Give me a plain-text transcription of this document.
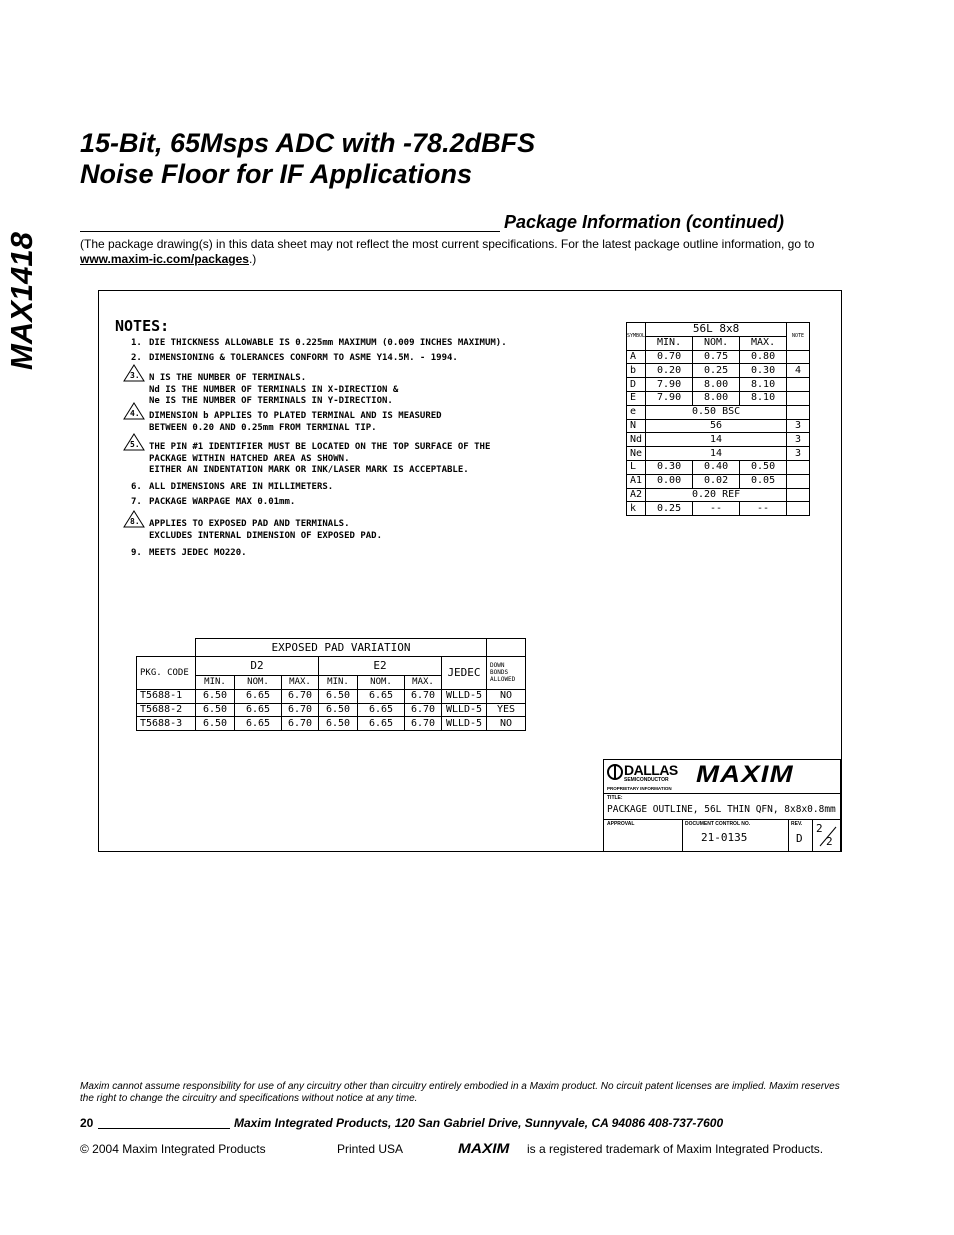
15-Bit, 65Msps ADC with -78.2dBFS
Noise Floor for IF Applications
MAX1418
Package Information (continued)
(The package drawing(s) in this data sheet may not reflect the most current specifications. For the latest package outline information, go to www.maxim-ic.com/packages.)
NOTES:
1. DIE THICKNESS ALLOWABLE IS 0.225mm MAXIMUM (0.009 INCHES MAXIMUM).
2. DIMENSIONING & TOLERANCES CONFORM TO ASME Y14.5M. - 1994.
3. N IS THE NUMBER OF TERMINALS.
Nd IS THE NUMBER OF TERMINALS IN X-DIRECTION &
Ne IS THE NUMBER OF TERMINALS IN Y-DIRECTION.
4. DIMENSION b APPLIES TO PLATED TERMINAL AND IS MEASURED
BETWEEN 0.20 AND 0.25mm FROM TERMINAL TIP.
5. THE PIN #1 IDENTIFIER MUST BE LOCATED ON THE TOP SURFACE OF THE
PACKAGE WITHIN HATCHED AREA AS SHOWN.
EITHER AN INDENTATION MARK OR INK/LASER MARK IS ACCEPTABLE.
6. ALL DIMENSIONS ARE IN MILLIMETERS.
7. PACKAGE WARPAGE MAX 0.01mm.
8. APPLIES TO EXPOSED PAD AND TERMINALS.
EXCLUDES INTERNAL DIMENSION OF EXPOSED PAD.
9. MEETS JEDEC MO220.
SYMBOL	56L 8x8			NOTE
	MIN.	NOM.	MAX.	
A	0.70	0.75	0.80	
b	0.20	0.25	0.30	4
D	7.90	8.00	8.10	
E	7.90	8.00	8.10	
e	0.50 BSC			
N	56			3
Nd	14			3
Ne	14			3
L	0.30	0.40	0.50	
A1	0.00	0.02	0.05	
A2	0.20 REF			
k	0.25	--	--	
	EXPOSED PAD VARIATION							
PKG. CODE	D2			E2			JEDEC	DOWN BONDS ALLOWED
	MIN.	NOM.	MAX.	MIN.	NOM.	MAX.		
T5688-1	6.50	6.65	6.70	6.50	6.65	6.70	WLLD-5	NO
T5688-2	6.50	6.65	6.70	6.50	6.65	6.70	WLLD-5	YES
T5688-3	6.50	6.65	6.70	6.50	6.65	6.70	WLLD-5	NO
DALLAS
SEMICONDUCTOR MAXIM
PROPRIETARY INFORMATION
TITLE:
PACKAGE OUTLINE, 56L THIN QFN, 8x8x0.8mm
APPROVAL	DOCUMENT CONTROL NO.
21-0135
REV.
D
2
2
Maxim cannot assume responsibility for use of any circuitry other than circuitry entirely embodied in a Maxim product. No circuit patent licenses are implied. Maxim reserves the right to change the circuitry and specifications without notice at any time.
20	Maxim Integrated Products, 120 San Gabriel Drive, Sunnyvale, CA 94086 408-737-7600
© 2004 Maxim Integrated Products	Printed USA	MAXIM is a registered trademark of Maxim Integrated Products.
